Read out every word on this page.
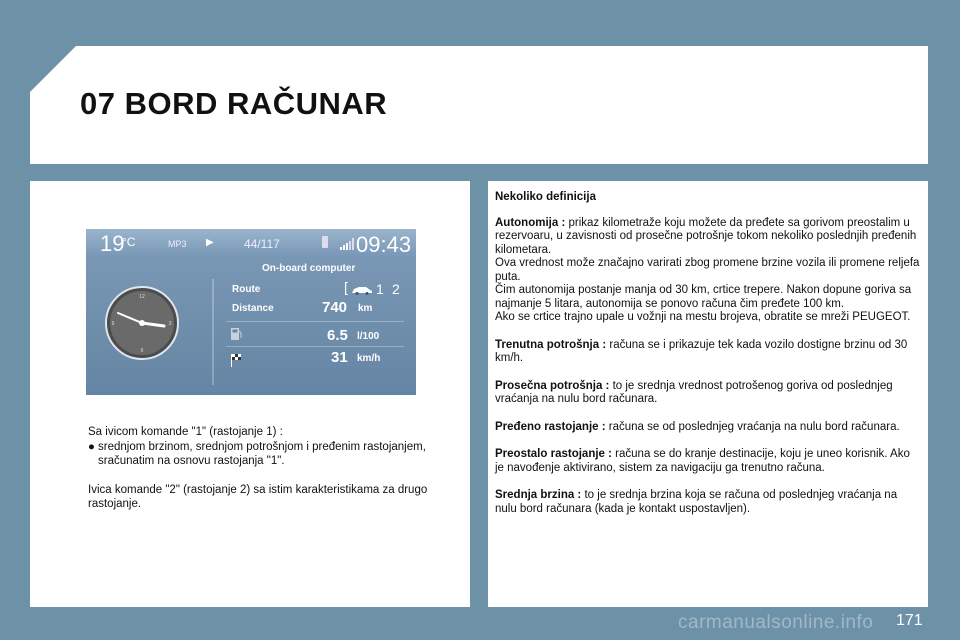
07 BORD RAČUNAR
19
°C	MP3 ▶	44/117	09:43
On-board computer
12
3
6
9
Route	[ 1 2
Distance	740 km
6.5 l/100
31 km/h

Sa ivicom komande "1" (rastojanje 1) :

● srednjom brzinom, srednjom potrošnjom i pređenim rastojanjem, sračunatim na osnovu rastojanja "1".

Ivica komande "2" (rastojanje 2) sa istim karakteristikama za drugo rastojanje.

Nekoliko definicija

Autonomija : prikaz kilometraže koju možete da pređete sa gorivom preostalim u rezervoaru, u zavisnosti od prosečne potrošnje tokom nekoliko poslednjih pređenih kilometara.
Ova vrednost može značajno varirati zbog promene brzine vozila ili promene reljefa puta.
Čim autonomija postanje manja od 30 km, crtice trepere. Nakon dopune goriva sa najmanje 5 litara, autonomija se ponovo računa čim pređete 100 km.
Ako se crtice trajno upale u vožnji na mestu brojeva, obratite se mreži PEUGEOT.

Trenutna potrošnja : računa se i prikazuje tek kada vozilo dostigne brzinu od 30 km/h.

Prosečna potrošnja : to je srednja vrednost potrošenog goriva od poslednjeg vraćanja na nulu bord računara.

Pređeno rastojanje : računa se od poslednjeg vraćanja na nulu bord računara.

Preostalo rastojanje : računa se do kranje destinacije, koju je uneo korisnik. Ako je navođenje aktivirano, sistem za navigaciju ga trenutno računa.

Srednja brzina : to je srednja brzina koja se računa od poslednjeg vraćanja na nulu bord računara (kada je kontakt uspostavljen).

carmanualsonline.info 171
